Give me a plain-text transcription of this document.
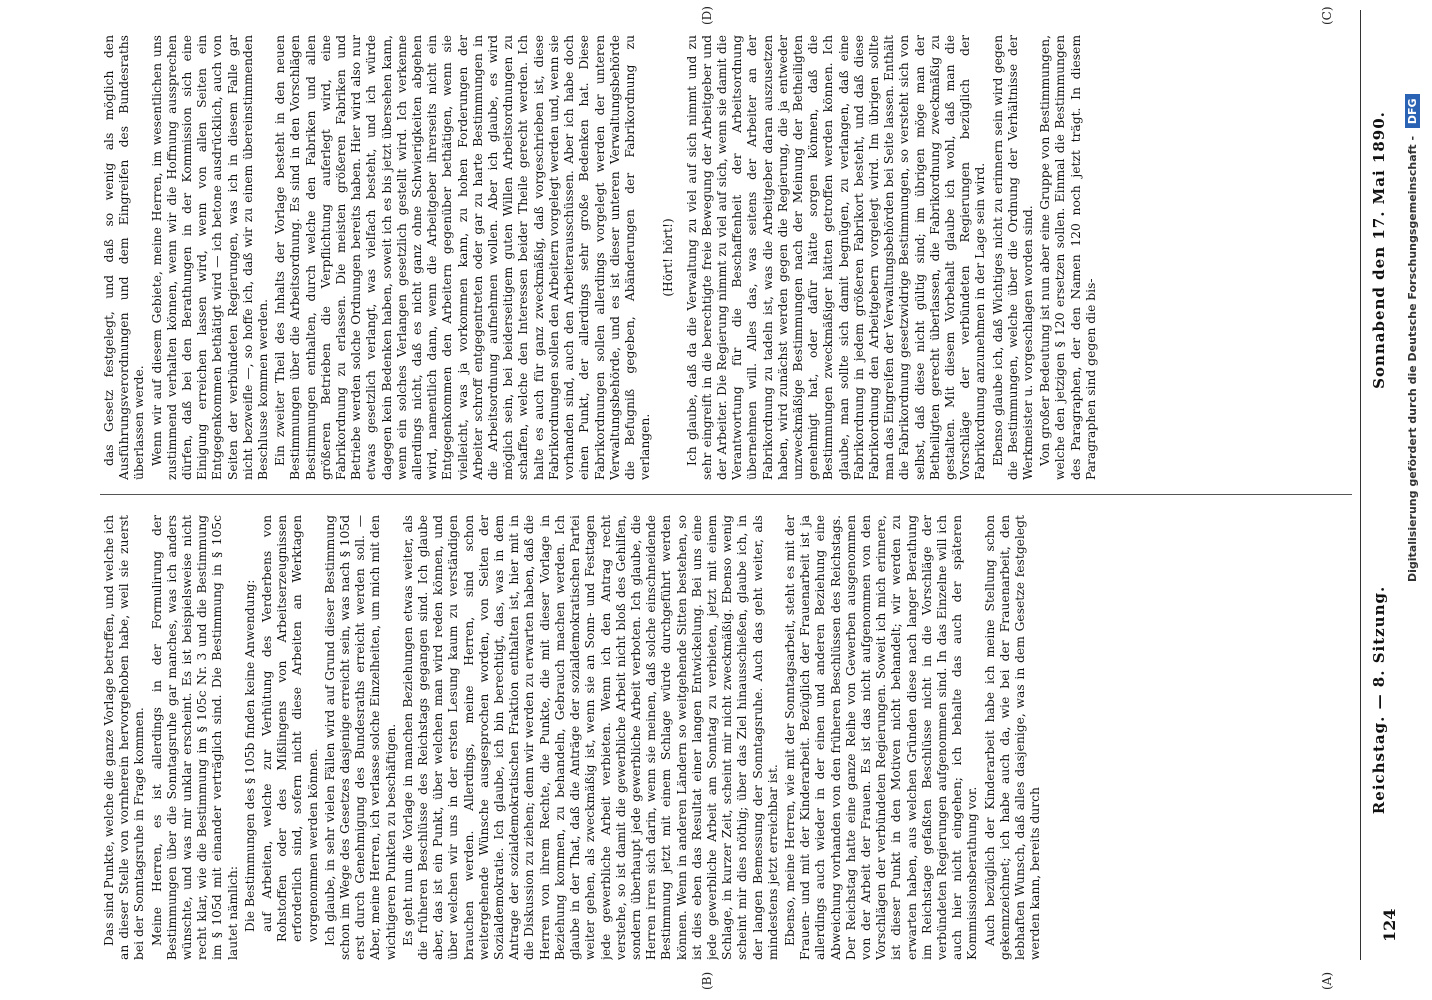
124
Reichstag. — 8. Sitzung.
Sonnabend den 17. Mai 1890.
(A)
(B)
(C)
(D)

Das sind Punkte, welche die ganze Vorlage betreffen, und welche ich an dieser Stelle von vornherein hervorgehoben habe, weil sie zuerst bei der Sonntagsruhe in Frage kommen. Meine Herren, es ist allerdings in der Formulirung der Bestimmungen über die Sonntagsruhe gar manches, was ich anders wünschte, und was mir unklar erscheint. Es ist beispielsweise nicht recht klar, wie die Bestimmung im § 105c Nr. 3 und die Bestimmung im § 105d mit einander verträglich sind. Die Bestimmung in § 105c lautet nämlich: Die Bestimmungen des § 105b finden keine Anwendung: auf Arbeiten, welche zur Verhütung des Verderbens von Rohstoffen oder des Mißlingens von Arbeitserzeugnissen erforderlich sind, sofern nicht diese Arbeiten an Werktagen vorgenommen werden können. Ich glaube, in sehr vielen Fällen wird auf Grund dieser Bestimmung schon im Wege des Gesetzes dasjenige erreicht sein, was nach § 105d erst durch Genehmigung des Bundesraths erreicht werden soll. — Aber, meine Herren, ich verlasse solche Einzelheiten, um mich mit den wichtigeren Punkten zu beschäftigen. Es geht nun die Vorlage in manchen Beziehungen etwas weiter, als die früheren Beschlüsse des Reichstags gegangen sind. Ich glaube aber, das ist ein Punkt, über welchen man wird reden können, und über welchen wir uns in der ersten Lesung kaum zu verständigen brauchen werden. Allerdings, meine Herren, sind schon weitergehende Wünsche ausgesprochen worden, von Seiten der Sozialdemokratie. Ich glaube, ich bin berechtigt, das, was in dem Antrage der sozialdemokratischen Fraktion enthalten ist, hier mit in die Diskussion zu ziehen; denn wir werden zu erwarten haben, daß die Herren von ihrem Rechte, die Punkte, die mit dieser Vorlage in Beziehung kommen, zu behandeln, Gebrauch machen werden. Ich glaube in der That, daß die Anträge der sozialdemokratischen Partei weiter gehen, als zweckmäßig ist, wenn sie an Sonn- und Festtagen jede gewerbliche Arbeit verbieten. Wenn ich den Antrag recht verstehe, so ist damit die gewerbliche Arbeit nicht bloß des Gehilfen, sondern überhaupt jede gewerbliche Arbeit verboten. Ich glaube, die Herren irren sich darin, wenn sie meinen, daß solche einschneidende Bestimmung jetzt mit einem Schlage würde durchgeführt werden können. Wenn in anderen Ländern so weitgehende Sitten bestehen, so ist dies eben das Resultat einer langen Entwickelung. Bei uns eine jede gewerbliche Arbeit am Sonntag zu verbieten, jetzt mit einem Schlage, in kurzer Zeit, scheint mir nicht zweckmäßig. Ebenso wenig scheint mir dies nöthig; über das Ziel hinausschießen, glaube ich, in der langen Bemessung der Sonntagsruhe. Auch das geht weiter, als mindestens jetzt erreichbar ist. Ebenso, meine Herren, wie mit der Sonntagsarbeit, steht es mit der Frauen- und mit der Kinderarbeit. Bezüglich der Frauenarbeit ist ja allerdings auch wieder in der einen und anderen Beziehung eine Abweichung vorhanden von den früheren Beschlüssen des Reichstags. Der Reichstag hatte eine ganze Reihe von Gewerben ausgenommen von der Arbeit der Frauen. Es ist das nicht aufgenommen von den Vorschlägen der verbündeten Regierungen. Soweit ich mich erinnere, ist dieser Punkt in den Motiven nicht behandelt; wir werden zu erwarten haben, aus welchen Gründen diese nach langer Berathung im Reichstage gefaßten Beschlüsse nicht in die Vorschläge der verbündeten Regierungen aufgenommen sind. In das Einzelne will ich auch hier nicht eingehen; ich behalte das auch der späteren Kommissionsberathung vor. Auch bezüglich der Kinderarbeit habe ich meine Stellung schon gekennzeichnet; ich habe auch da, wie bei der Frauenarbeit, den lebhaften Wunsch, daß alles dasjenige, was in dem Gesetze festgelegt werden kann, bereits durch

das Gesetz festgelegt, und daß so wenig als möglich den Ausführungsverordnungen und dem Eingreifen des Bundesraths überlassen werde. Wenn wir auf diesem Gebiete, meine Herren, im wesentlichen uns zustimmend verhalten können, wenn wir die Hoffnung aussprechen dürfen, daß bei den Berathungen in der Kommission sich eine Einigung erreichen lassen wird, wenn von allen Seiten ein Entgegenkommen bethätigt wird — ich betone ausdrücklich, auch von Seiten der verbündeten Regierungen, was ich in diesem Falle gar nicht bezweifle —, so hoffe ich, daß wir zu einem übereinstimmenden Beschlusse kommen werden. Ein zweiter Theil des Inhalts der Vorlage besteht in den neuen Bestimmungen über die Arbeitsordnung. Es sind in den Vorschlägen Bestimmungen enthalten, durch welche den Fabriken und allen größeren Betrieben die Verpflichtung auferlegt wird, eine Fabrikordnung zu erlassen. Die meisten größeren Fabriken und Betriebe werden solche Ordnungen bereits haben. Hier wird also nur etwas gesetzlich verlangt, was vielfach besteht, und ich würde dagegen kein Bedenken haben, soweit ich es bis jetzt übersehen kann, wenn ein solches Verlangen gesetzlich gestellt wird. Ich verkenne allerdings nicht, daß es nicht ganz ohne Schwierigkeiten abgehen wird, namentlich dann, wenn die Arbeitgeber ihrerseits nicht ein Entgegenkommen den Arbeitern gegenüber bethätigen, wenn sie vielleicht, was ja vorkommen kann, zu hohen Forderungen der Arbeiter schroff entgegentreten oder gar zu harte Bestimmungen in die Arbeitsordnung aufnehmen wollen. Aber ich glaube, es wird möglich sein, bei beiderseitigem guten Willen Arbeitsordnungen zu schaffen, welche den Interessen beider Theile gerecht werden. Ich halte es auch für ganz zweckmäßig, daß vorgeschrieben ist, diese Fabrikordnungen sollen den Arbeitern vorgelegt werden und, wenn sie vorhanden sind, auch den Arbeiterausschüssen. Aber ich habe doch einen Punkt, der allerdings sehr große Bedenken hat. Diese Fabrikordnungen sollen allerdings vorgelegt werden der unteren Verwaltungsbehörde, und es ist dieser unteren Verwaltungsbehörde die Befugniß gegeben, Abänderungen der Fabrikordnung zu verlangen.

(Hört! hört!) Ich glaube, daß da die Verwaltung zu viel auf sich nimmt und zu sehr eingreift in die berechtigte freie Bewegung der Arbeitgeber und der Arbeiter. Die Regierung nimmt zu viel auf sich, wenn sie damit die Verantwortung für die Beschaffenheit der Arbeitsordnung übernehmen will. Alles das, was seitens der Arbeiter an der Fabrikordnung zu tadeln ist, was die Arbeitgeber daran auszusetzen haben, wird zunächst werden gegen die Regierung, die ja entweder unzweckmäßige Bestimmungen nach der Meinung der Betheiligten genehmigt hat, oder dafür hätte sorgen können, daß die Bestimmungen zweckmäßiger hätten getroffen werden können. Ich glaube, man sollte sich damit begnügen, zu verlangen, daß eine Fabrikordnung in jedem größeren Fabrikort besteht, und daß diese Fabrikordnung den Arbeitgebern vorgelegt wird. Im übrigen sollte man das Eingreifen der Verwaltungsbehörden bei Seite lassen. Enthält die Fabrikordnung gesetzwidrige Bestimmungen, so versteht sich von selbst, daß diese nicht gültig sind; im übrigen möge man der Betheiligten gerecht überlassen, die Fabrikordnung zweckmäßig zu gestalten. Mit diesem Vorbehalt glaube ich wohl, daß man die Vorschläge der verbündeten Regierungen bezüglich der Fabrikordnung anzunehmen in der Lage sein wird. Ebenso glaube ich, daß Wichtiges nicht zu erinnern sein wird gegen die Bestimmungen, welche über die Ordnung der Verhältnisse der Werkmeister u. vorgeschlagen worden sind. Von großer Bedeutung ist nun aber eine Gruppe von Bestimmungen, welche den jetzigen § 120 ersetzen sollen. Einmal die Bestimmungen des Paragraphen, der den Namen 120 noch jetzt trägt. In diesem Paragraphen sind gegen die bis-	Digitalisierung gefördert durch die Deutsche Forschungsgemeinschaft - DFG
